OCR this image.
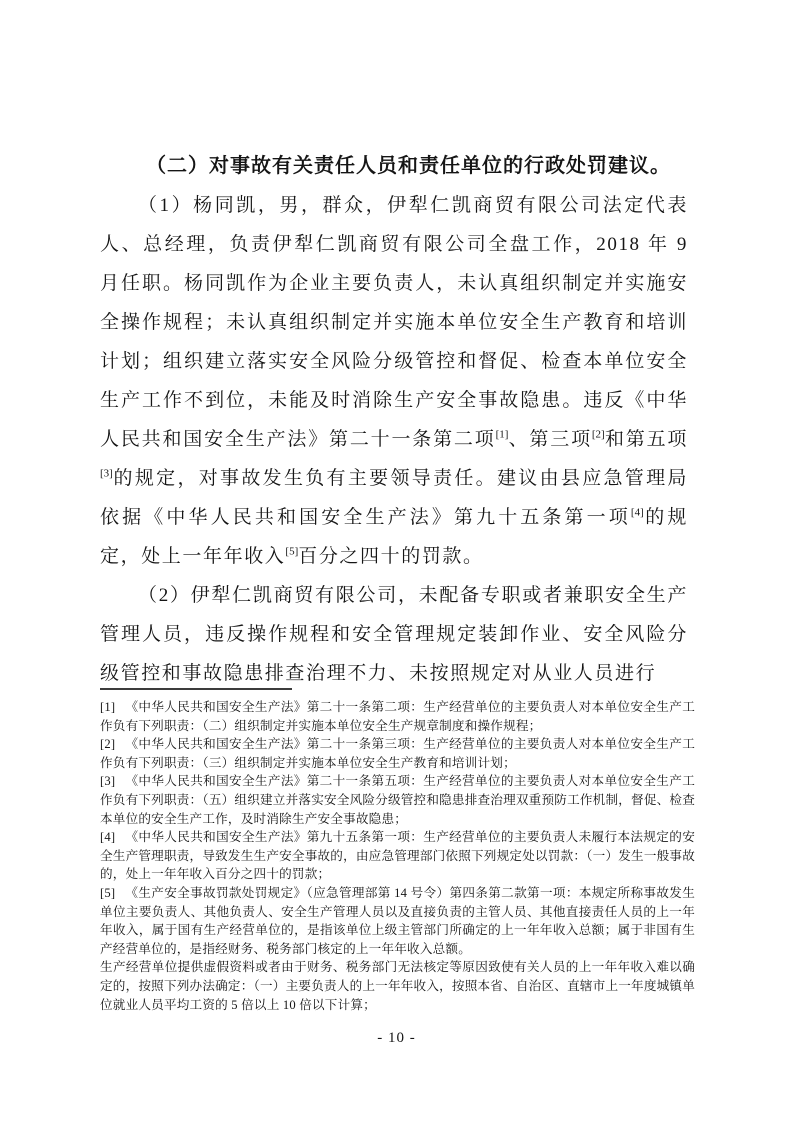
（二）对事故有关责任人员和责任单位的行政处罚建议。

（1）杨同凯，男，群众，伊犁仁凯商贸有限公司法定代表人、总经理，负责伊犁仁凯商贸有限公司全盘工作，2018 年 9 月任职。杨同凯作为企业主要负责人，未认真组织制定并实施安全操作规程；未认真组织制定并实施本单位安全生产教育和培训计划；组织建立落实安全风险分级管控和督促、检查本单位安全生产工作不到位，未能及时消除生产安全事故隐患。违反《中华人民共和国安全生产法》第二十一条第二项[1]、第三项[2]和第五项[3]的规定，对事故发生负有主要领导责任。建议由县应急管理局依据《中华人民共和国安全生产法》第九十五条第一项[4]的规定，处上一年年收入[5]百分之四十的罚款。

（2）伊犁仁凯商贸有限公司，未配备专职或者兼职安全生产管理人员，违反操作规程和安全管理规定装卸作业、安全风险分级管控和事故隐患排查治理不力、未按照规定对从业人员进行

[1] 《中华人民共和国安全生产法》第二十一条第二项：生产经营单位的主要负责人对本单位安全生产工作负有下列职责：（二）组织制定并实施本单位安全生产规章制度和操作规程；

[2] 《中华人民共和国安全生产法》第二十一条第三项：生产经营单位的主要负责人对本单位安全生产工作负有下列职责：（三）组织制定并实施本单位安全生产教育和培训计划；

[3] 《中华人民共和国安全生产法》第二十一条第五项：生产经营单位的主要负责人对本单位安全生产工作负有下列职责：（五）组织建立并落实安全风险分级管控和隐患排查治理双重预防工作机制，督促、检查本单位的安全生产工作，及时消除生产安全事故隐患；

[4] 《中华人民共和国安全生产法》第九十五条第一项：生产经营单位的主要负责人未履行本法规定的安全生产管理职责，导致发生生产安全事故的，由应急管理部门依照下列规定处以罚款：（一）发生一般事故的，处上一年年收入百分之四十的罚款；

[5] 《生产安全事故罚款处罚规定》（应急管理部第 14 号令）第四条第二款第一项：本规定所称事故发生单位主要负责人、其他负责人、安全生产管理人员以及直接负责的主管人员、其他直接责任人员的上一年年收入，属于国有生产经营单位的，是指该单位上级主管部门所确定的上一年年收入总额；属于非国有生产经营单位的，是指经财务、税务部门核定的上一年年收入总额。

生产经营单位提供虚假资料或者由于财务、税务部门无法核定等原因致使有关人员的上一年年收入难以确定的，按照下列办法确定：（一）主要负责人的上一年年收入，按照本省、自治区、直辖市上一年度城镇单位就业人员平均工资的 5 倍以上 10 倍以下计算；

- 10 -
